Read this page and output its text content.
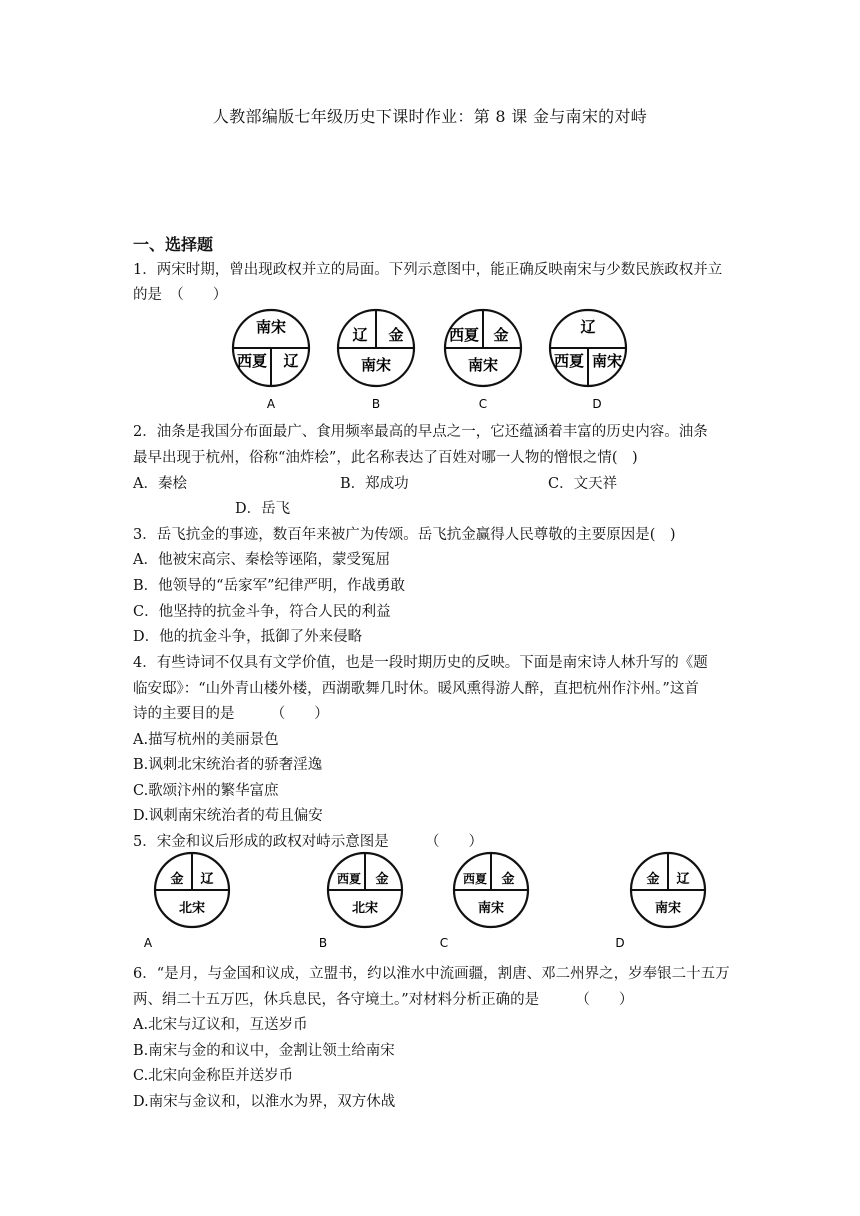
人教部编版七年级历史下课时作业：第 8 课 金与南宋的对峙
一、选择题
1．两宋时期，曾出现政权并立的局面。下列示意图中，能正确反映南宋与少数民族政权并立
的是　（　　）
南宋
西夏 辽
辽 金
南宋
西夏 金
南宋
辽
西夏 南宋
A	B	C	D
2．油条是我国分布面最广、食用频率最高的早点之一，它还蕴涵着丰富的历史内容。油条
最早出现于杭州，俗称“油炸桧”，此名称表达了百姓对哪一人物的憎恨之情(　)
A．秦桧	B．郑成功	C．文天祥
D．岳飞
3．岳飞抗金的事迹，数百年来被广为传颂。岳飞抗金赢得人民尊敬的主要原因是(　)
A．他被宋高宗、秦桧等诬陷，蒙受冤屈
B．他领导的“岳家军”纪律严明，作战勇敢
C．他坚持的抗金斗争，符合人民的利益
D．他的抗金斗争，抵御了外来侵略
4．有些诗词不仅具有文学价值，也是一段时期历史的反映。下面是南宋诗人林升写的《题
临安邸》：“山外青山楼外楼，西湖歌舞几时休。暖风熏得游人醉，直把杭州作汴州。”这首
诗的主要目的是　　　（　　）
A.描写杭州的美丽景色
B.讽刺北宋统治者的骄奢淫逸
C.歌颂汴州的繁华富庶
D.讽刺南宋统治者的苟且偏安
5．宋金和议后形成的政权对峙示意图是　　　（　　）
金 辽
北宋
西夏 金
北宋
西夏 金
南宋
金 辽
南宋
A	B	C	D
6．“是月，与金国和议成，立盟书，约以淮水中流画疆，割唐、邓二州界之，岁奉银二十五万
两、绢二十五万匹，休兵息民，各守境土。”对材料分析正确的是　　　（　　）
A.北宋与辽议和，互送岁币
B.南宋与金的和议中，金割让领土给南宋
C.北宋向金称臣并送岁币
D.南宋与金议和，以淮水为界，双方休战
